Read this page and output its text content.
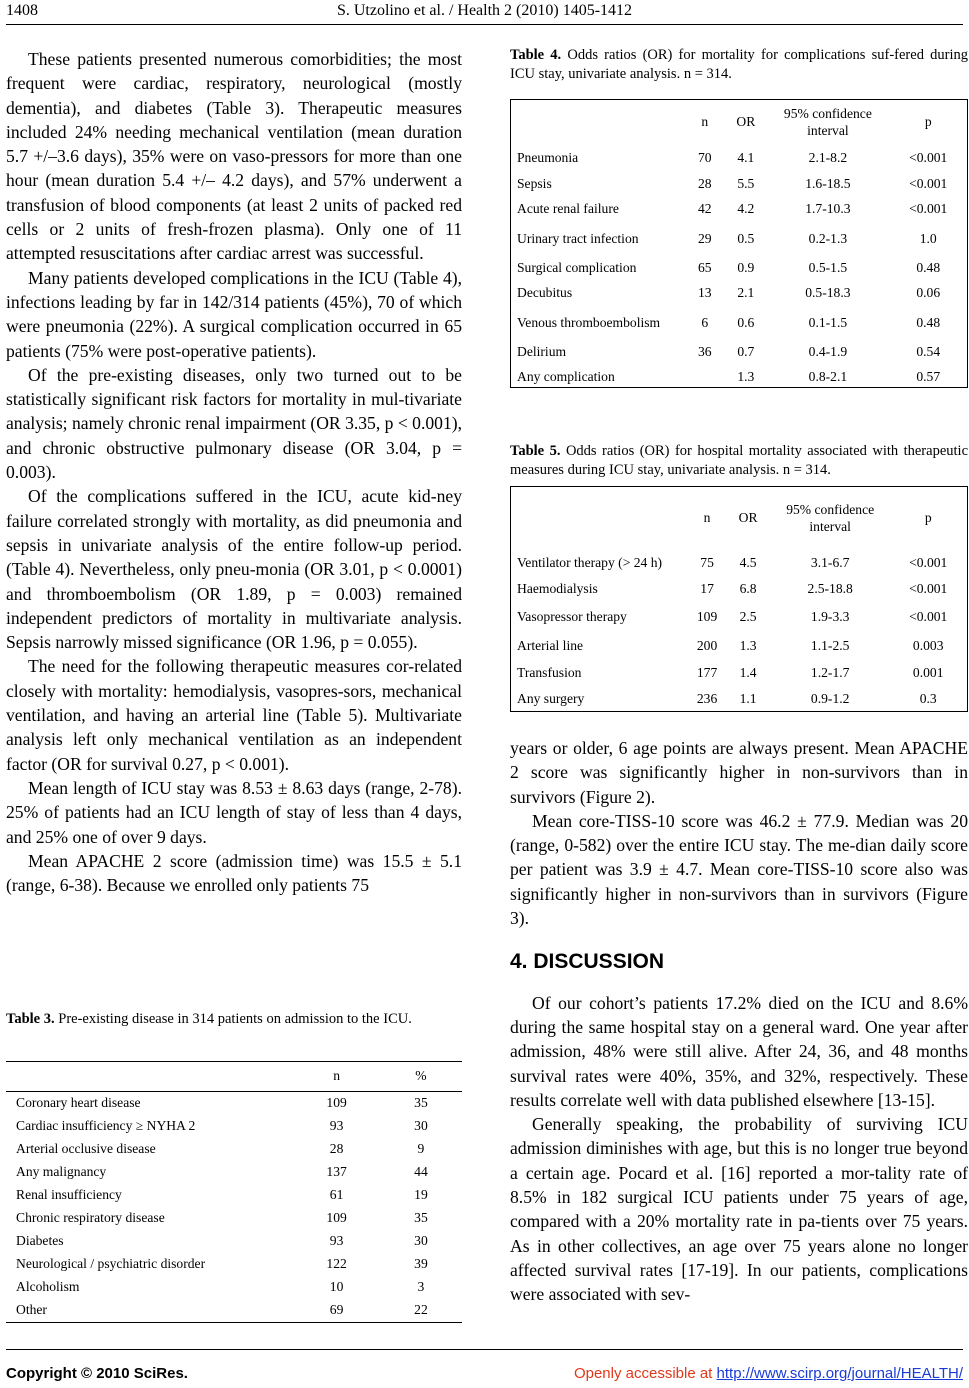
1408	S. Utzolino et al. / Health 2 (2010) 1405-1412

These patients presented numerous comorbidities; the most frequent were cardiac, respiratory, neurological (mostly dementia), and diabetes (Table 3). Therapeutic measures included 24% needing mechanical ventilation (mean duration 5.7 +/–3.6 days), 35% were on vaso-pressors for more than one hour (mean duration 5.4 +/– 4.2 days), and 57% underwent a transfusion of blood components (at least 2 units of packed red cells or 2 units of fresh-frozen plasma). Only one of 11 attempted resuscitations after cardiac arrest was successful.

Many patients developed complications in the ICU (Table 4), infections leading by far in 142/314 patients (45%), 70 of which were pneumonia (22%). A surgical complication occurred in 65 patients (75% were post-operative patients).

Of the pre-existing diseases, only two turned out to be statistically significant risk factors for mortality in mul-tivariate analysis; namely chronic renal impairment (OR 3.35, p < 0.001), and chronic obstructive pulmonary disease (OR 3.04, p = 0.003).

Of the complications suffered in the ICU, acute kid-ney failure correlated strongly with mortality, as did pneumonia and sepsis in univariate analysis of the entire follow-up period. (Table 4). Nevertheless, only pneu-monia (OR 3.01, p < 0.0001) and thromboembolism (OR 1.89, p = 0.003) remained independent predictors of mortality in multivariate analysis. Sepsis narrowly missed significance (OR 1.96, p = 0.055).

The need for the following therapeutic measures cor-related closely with mortality: hemodialysis, vasopres-sors, mechanical ventilation, and having an arterial line (Table 5). Multivariate analysis left only mechanical ventilation as an independent factor (OR for survival 0.27, p < 0.001).

Mean length of ICU stay was 8.53 ± 8.63 days (range, 2-78). 25% of patients had an ICU length of stay of less than 4 days, and 25% one of over 9 days.

Mean APACHE 2 score (admission time) was 15.5 ± 5.1 (range, 6-38). Because we enrolled only patients 75

Table 3. Pre-existing disease in 314 patients on admission to the ICU.
	n	%
Coronary heart disease	109	35
Cardiac insufficiency ≥ NYHA 2	93	30
Arterial occlusive disease	28	9
Any malignancy	137	44
Renal insufficiency	61	19
Chronic respiratory disease	109	35
Diabetes	93	30
Neurological / psychiatric disorder	122	39
Alcoholism	10	3
Other	69	22
Table 4. Odds ratios (OR) for mortality for complications suf-fered during ICU stay, univariate analysis. n = 314.
	n	OR	95% confidence interval	p
Pneumonia	70	4.1	2.1-8.2	<0.001
Sepsis	28	5.5	1.6-18.5	<0.001
Acute renal failure	42	4.2	1.7-10.3	<0.001
Urinary tract infection	29	0.5	0.2-1.3	1.0
Surgical complication	65	0.9	0.5-1.5	0.48
Decubitus	13	2.1	0.5-18.3	0.06
Venous thromboembolism	6	0.6	0.1-1.5	0.48
Delirium	36	0.7	0.4-1.9	0.54
Any complication		1.3	0.8-2.1	0.57
Table 5. Odds ratios (OR) for hospital mortality associated with therapeutic measures during ICU stay, univariate analysis. n = 314.
	n	OR	95% confidence interval	p
Ventilator therapy (> 24 h)	75	4.5	3.1-6.7	<0.001
Haemodialysis	17	6.8	2.5-18.8	<0.001
Vasopressor therapy	109	2.5	1.9-3.3	<0.001
Arterial line	200	1.3	1.1-2.5	0.003
Transfusion	177	1.4	1.2-1.7	0.001
Any surgery	236	1.1	0.9-1.2	0.3

years or older, 6 age points are always present. Mean APACHE 2 score was significantly higher in non-survivors than in survivors (Figure 2).

Mean core-TISS-10 score was 46.2 ± 77.9. Median was 20 (range, 0-582) over the entire ICU stay. The me-dian daily score per patient was 3.9 ± 4.7. Mean core-TISS-10 score also was significantly higher in non-survivors than in survivors (Figure 3).

4. DISCUSSION

Of our cohort’s patients 17.2% died on the ICU and 8.6% during the same hospital stay on a general ward. One year after admission, 48% were still alive. After 24, 36, and 48 months survival rates were 40%, 35%, and 32%, respectively. These results correlate well with data published elsewhere [13-15].

Generally speaking, the probability of surviving ICU admission diminishes with age, but this is no longer true beyond a certain age. Pocard et al. [16] reported a mor-tality rate of 8.5% in 182 surgical ICU patients under 75 years of age, compared with a 20% mortality rate in pa-tients over 75 years. As in other collectives, an age over 75 years alone no longer affected survival rates [17-19]. In our patients, complications were associated with sev-

Copyright © 2010 SciRes.	Openly accessible at http://www.scirp.org/journal/HEALTH/
